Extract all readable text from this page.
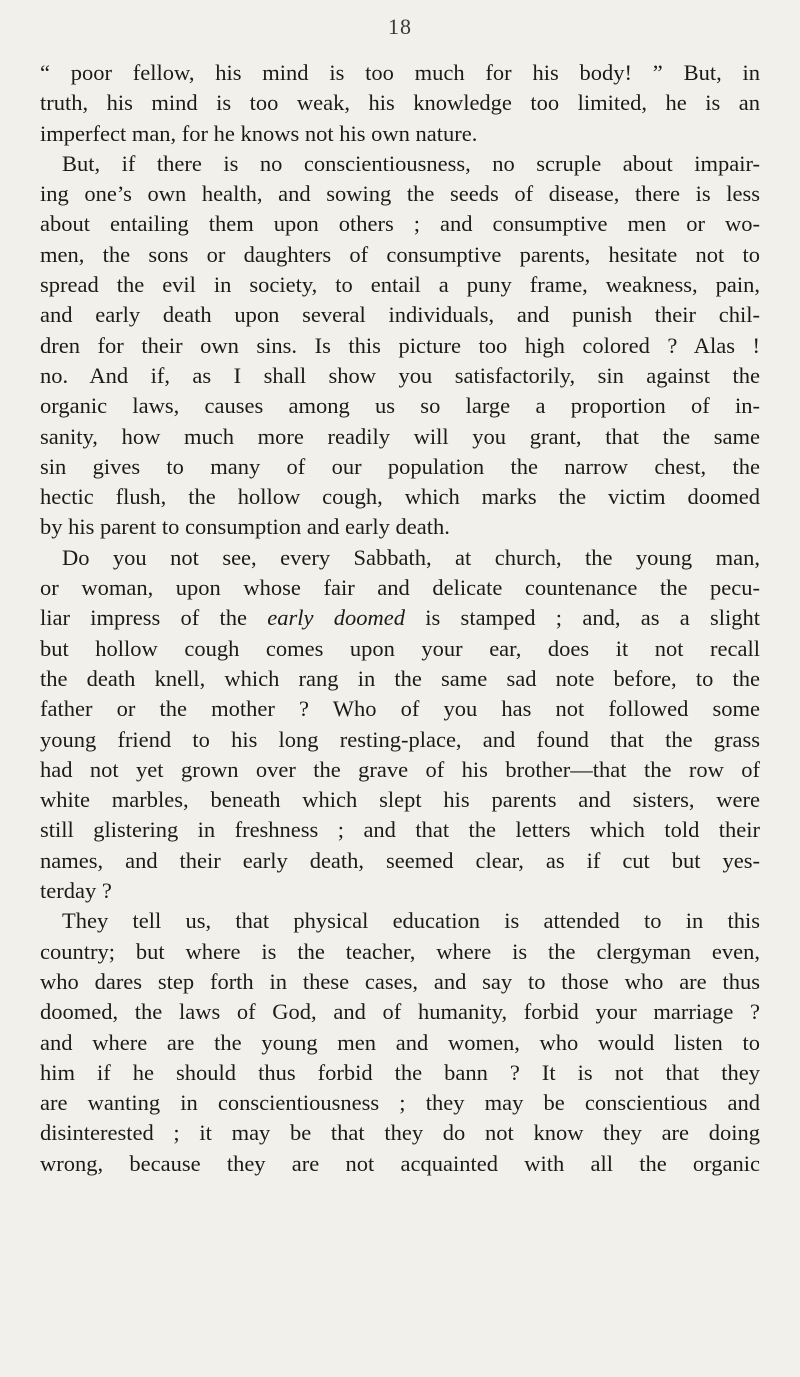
18
“ poor fellow, his mind is too much for his body! ” But, in
truth, his mind is too weak, his knowledge too limited, he is an
imperfect man, for he knows not his own nature.
But, if there is no conscientiousness, no scruple about impair-
ing one’s own health, and sowing the seeds of disease, there is less
about entailing them upon others ; and consumptive men or wo-
men, the sons or daughters of consumptive parents, hesitate not to
spread the evil in society, to entail a puny frame, weakness, pain,
and early death upon several individuals, and punish their chil-
dren for their own sins. Is this picture too high colored ? Alas !
no. And if, as I shall show you satisfactorily, sin against the
organic laws, causes among us so large a proportion of in-
sanity, how much more readily will you grant, that the same
sin gives to many of our population the narrow chest, the
hectic flush, the hollow cough, which marks the victim doomed
by his parent to consumption and early death.
Do you not see, every Sabbath, at church, the young man,
or woman, upon whose fair and delicate countenance the pecu-
liar impress of the early doomed is stamped ; and, as a slight
but hollow cough comes upon your ear, does it not recall
the death knell, which rang in the same sad note before, to the
father or the mother ? Who of you has not followed some
young friend to his long resting-place, and found that the grass
had not yet grown over the grave of his brother—that the row of
white marbles, beneath which slept his parents and sisters, were
still glistering in freshness ; and that the letters which told their
names, and their early death, seemed clear, as if cut but yes-
terday ?
They tell us, that physical education is attended to in this
country; but where is the teacher, where is the clergyman even,
who dares step forth in these cases, and say to those who are thus
doomed, the laws of God, and of humanity, forbid your marriage ?
and where are the young men and women, who would listen to
him if he should thus forbid the bann ? It is not that they
are wanting in conscientiousness ; they may be conscientious and
disinterested ; it may be that they do not know they are doing
wrong, because they are not acquainted with all the organic
